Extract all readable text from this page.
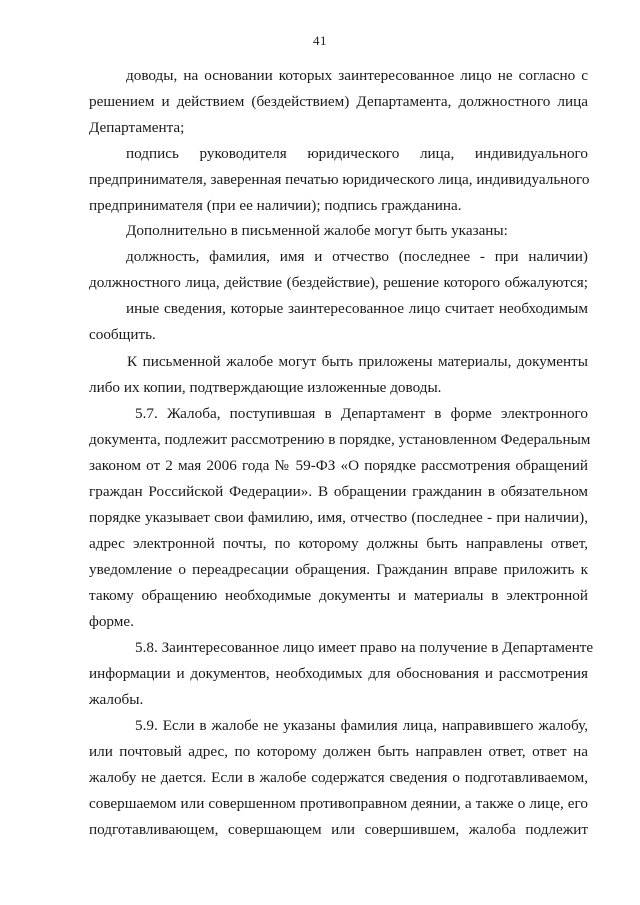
41
доводы, на основании которых заинтересованное лицо не согласно с
решением и действием (бездействием) Департамента, должностного лица
Департамента;
подпись руководителя юридического лица, индивидуального
предпринимателя, заверенная печатью юридического лица, индивидуального
предпринимателя (при ее наличии); подпись гражданина.
Дополнительно в письменной жалобе могут быть указаны:
должность, фамилия, имя и отчество (последнее - при наличии)
должностного лица, действие (бездействие), решение которого обжалуются;
иные сведения, которые заинтересованное лицо считает необходимым
сообщить.
К письменной жалобе могут быть приложены материалы, документы
либо их копии, подтверждающие изложенные доводы.
5.7. Жалоба, поступившая в Департамент в форме электронного
документа, подлежит рассмотрению в порядке, установленном Федеральным
законом от 2 мая 2006 года № 59-ФЗ «О порядке рассмотрения обращений
граждан Российской Федерации». В обращении гражданин в обязательном
порядке указывает свои фамилию, имя, отчество (последнее - при наличии),
адрес электронной почты, по которому должны быть направлены ответ,
уведомление о переадресации обращения. Гражданин вправе приложить к
такому обращению необходимые документы и материалы в электронной
форме.
5.8. Заинтересованное лицо имеет право на получение в Департаменте
информации и документов, необходимых для обоснования и рассмотрения
жалобы.
5.9. Если в жалобе не указаны фамилия лица, направившего жалобу,
или почтовый адрес, по которому должен быть направлен ответ, ответ на
жалобу не дается. Если в жалобе содержатся сведения о подготавливаемом,
совершаемом или совершенном противоправном деянии, а также о лице, его
подготавливающем, совершающем или совершившем, жалоба подлежит
